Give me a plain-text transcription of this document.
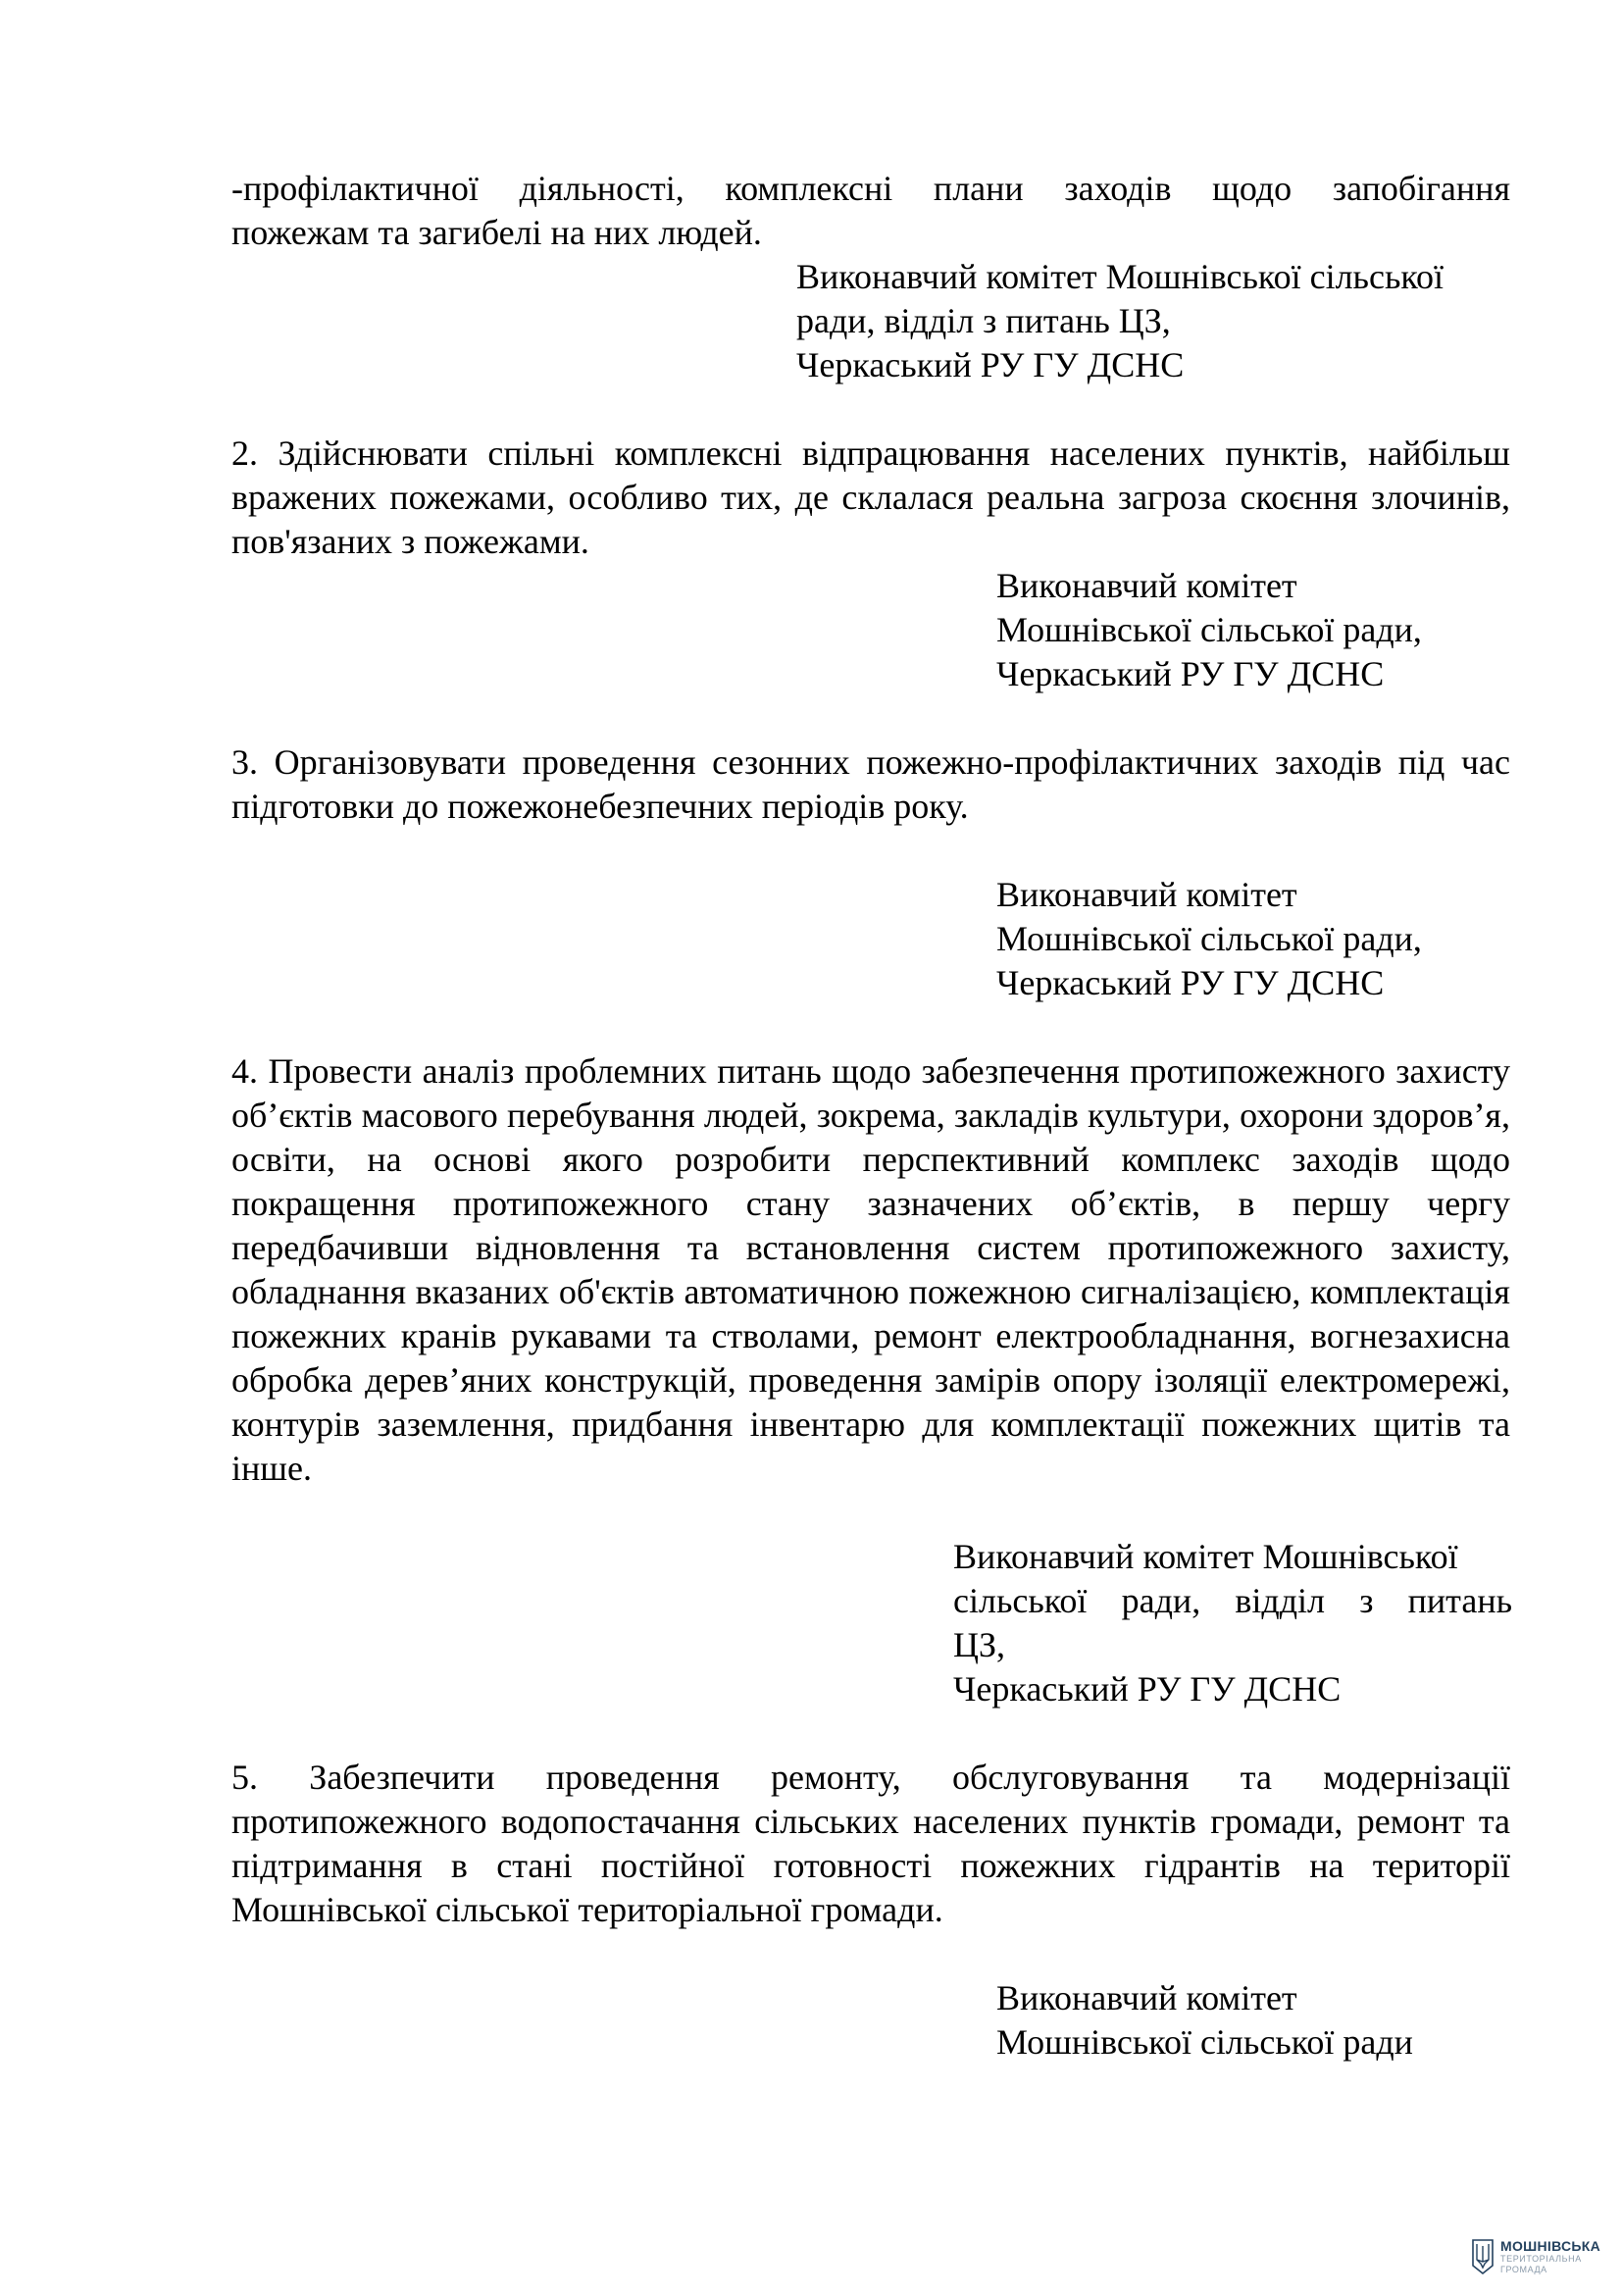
-профілактичної діяльності, комплексні плани заходів щодо запобігання
пожежам та загибелі на них людей.
Виконавчий комітет Мошнівської сільської
ради, відділ з питань ЦЗ,
Черкаський РУ ГУ ДСНС

2. Здійснювати спільні комплексні відпрацювання населених пунктів, найбільш вражених пожежами, особливо тих, де склалася реальна загроза скоєння злочинів, пов'язаних з пожежами.

Виконавчий комітет
Мошнівської сільської ради,
Черкаський РУ ГУ ДСНС

3. Організовувати проведення сезонних пожежно-профілактичних заходів під час підготовки до пожежонебезпечних періодів року.

Виконавчий комітет
Мошнівської сільської ради,
Черкаський РУ ГУ ДСНС

4. Провести аналіз проблемних питань щодо забезпечення протипожежного захисту об’єктів масового перебування людей, зокрема, закладів культури, охорони здоров’я, освіти, на основі якого розробити перспективний комплекс заходів щодо покращення протипожежного стану зазначених об’єктів, в першу чергу передбачивши відновлення та встановлення систем протипожежного захисту, обладнання вказаних об'єктів автоматичною пожежною сигналізацією, комплектація пожежних кранів рукавами та стволами, ремонт електрообладнання, вогнезахисна обробка дерев’яних конструкцій, проведення замірів опору ізоляції електромережі, контурів заземлення, придбання інвентарю для комплектації пожежних щитів та інше.

Виконавчий комітет Мошнівської
сільської ради, відділ з питань
ЦЗ,
Черкаський РУ ГУ ДСНС

5. Забезпечити проведення ремонту, обслуговування та модернізації протипожежного водопостачання сільських населених пунктів громади, ремонт та підтримання в стані постійної готовності пожежних гідрантів на території Мошнівської сільської територіальної громади.

Виконавчий комітет
Мошнівської сільської ради
МОШНІВСЬКА
ТЕРИТОРІАЛЬНА
ГРОМАДА
